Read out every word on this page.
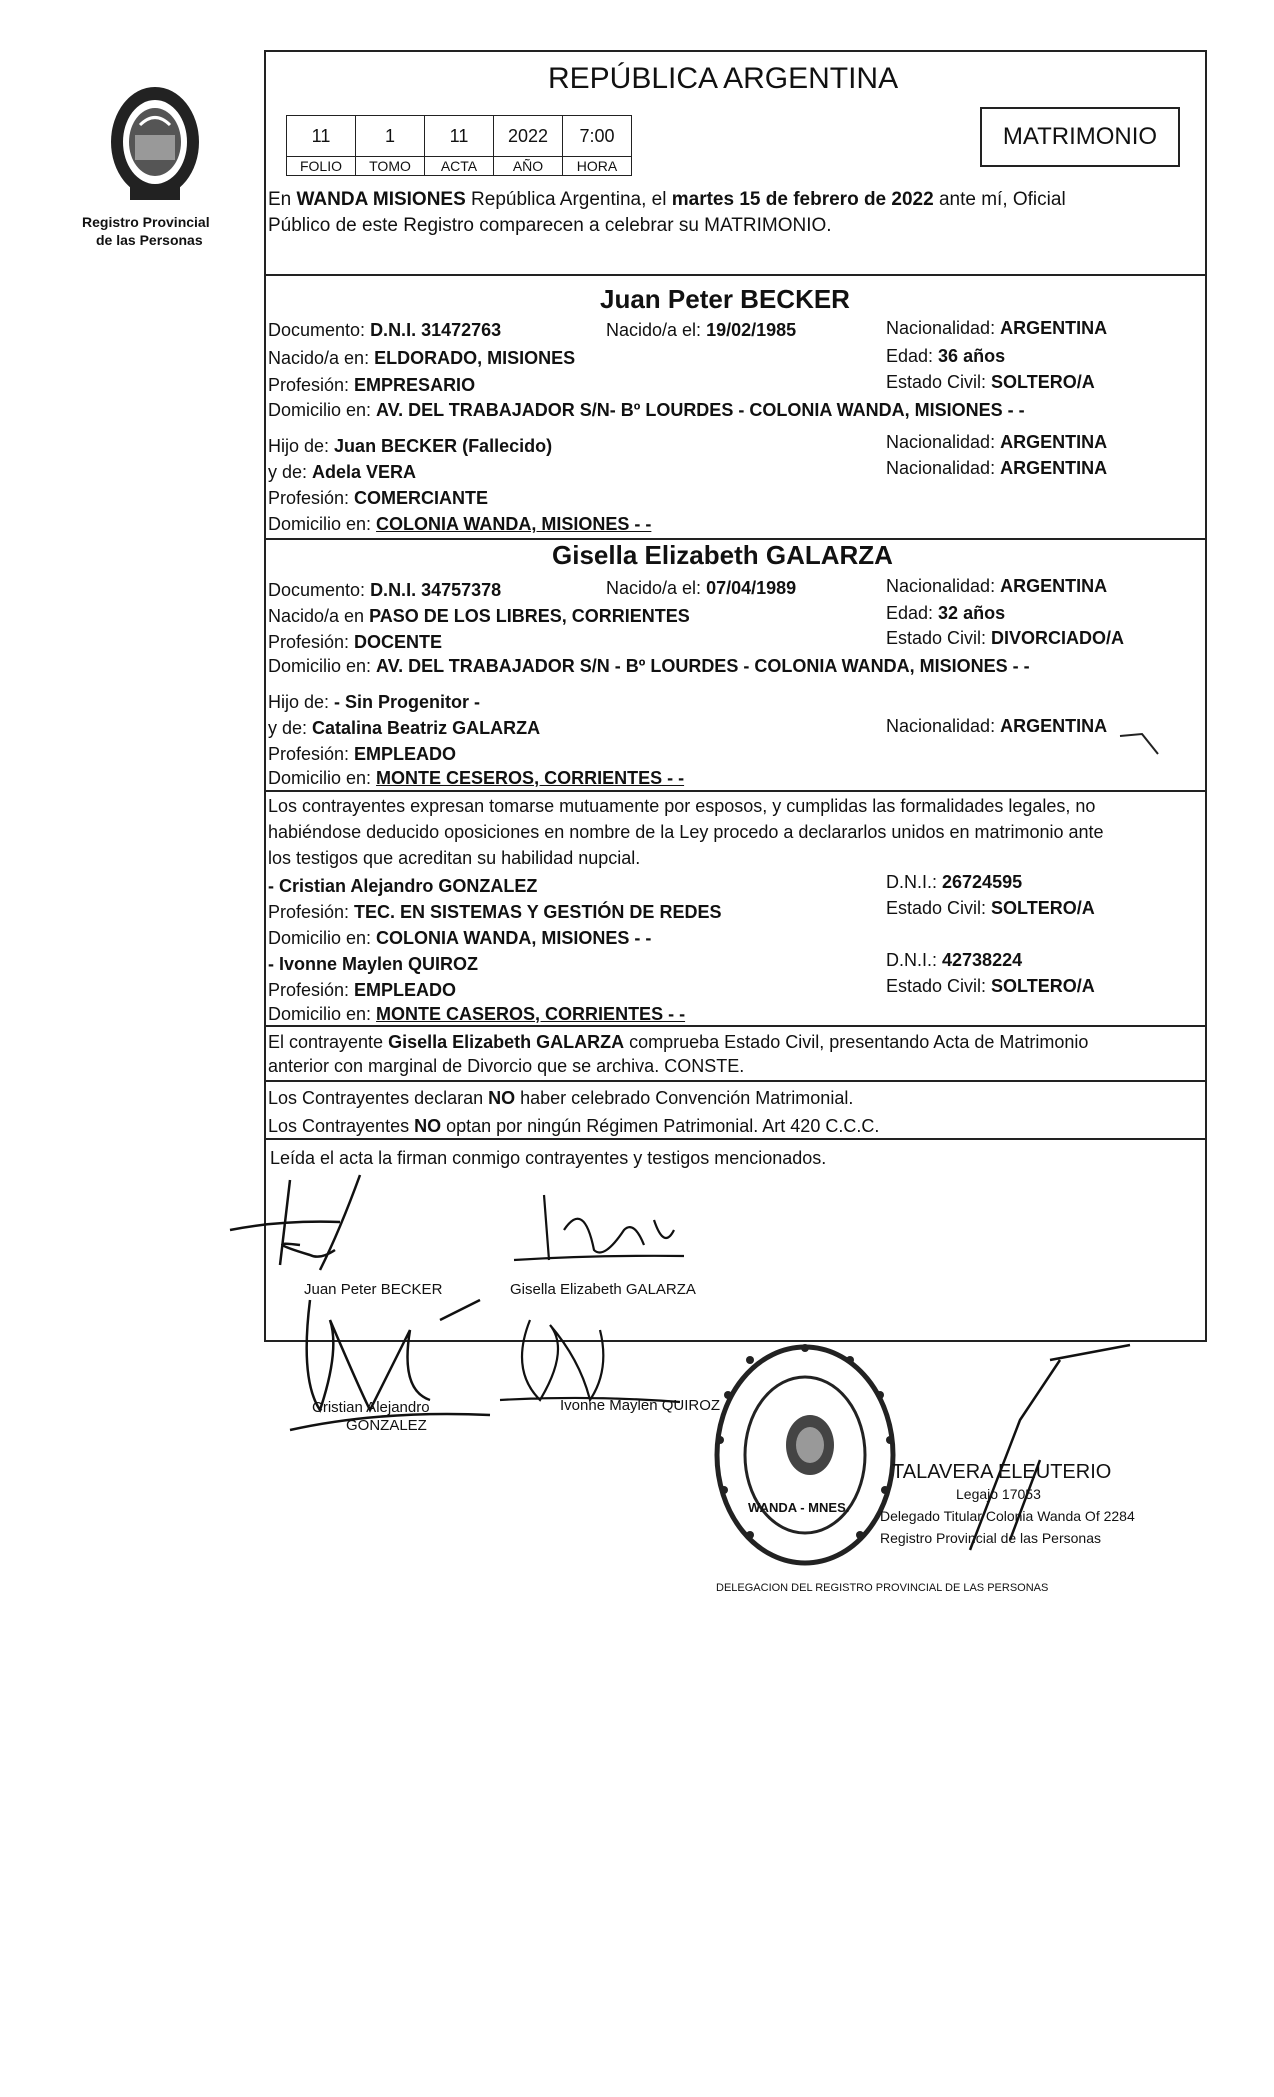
Registro Provincial
de las Personas
REPÚBLICA ARGENTINA
11	1	11	2022	7:00
FOLIO	TOMO	ACTA	AÑO	HORA
MATRIMONIO
En WANDA MISIONES República Argentina, el martes 15 de febrero de 2022 ante mí, Oficial
Público de este Registro comparecen a celebrar su MATRIMONIO.
Juan Peter BECKER
Documento: D.N.I. 31472763	Nacido/a el: 19/02/1985	Nacionalidad: ARGENTINA
Nacido/a en: ELDORADO, MISIONES	Edad: 36 años
Profesión: EMPRESARIO	Estado Civil: SOLTERO/A
Domicilio en: AV. DEL TRABAJADOR S/N- Bº LOURDES - COLONIA WANDA, MISIONES - -
Hijo de: Juan BECKER (Fallecido)	Nacionalidad: ARGENTINA
y de: Adela VERA	Nacionalidad: ARGENTINA
Profesión: COMERCIANTE
Domicilio en: COLONIA WANDA, MISIONES - -
Gisella Elizabeth GALARZA
Documento: D.N.I. 34757378	Nacido/a el: 07/04/1989	Nacionalidad: ARGENTINA
Nacido/a en PASO DE LOS LIBRES, CORRIENTES	Edad: 32 años
Profesión: DOCENTE	Estado Civil: DIVORCIADO/A
Domicilio en: AV. DEL TRABAJADOR S/N - Bº LOURDES - COLONIA WANDA, MISIONES - -
Hijo de: - Sin Progenitor -
y de: Catalina Beatriz GALARZA	Nacionalidad: ARGENTINA
Profesión: EMPLEADO
Domicilio en: MONTE CESEROS, CORRIENTES - -
Los contrayentes expresan tomarse mutuamente por esposos, y cumplidas las formalidades legales, no
habiéndose deducido oposiciones en nombre de la Ley procedo a declararlos unidos en matrimonio ante
los testigos que acreditan su habilidad nupcial.
- Cristian Alejandro GONZALEZ	D.N.I.: 26724595
Profesión: TEC. EN SISTEMAS Y GESTIÓN DE REDES	Estado Civil: SOLTERO/A
Domicilio en: COLONIA WANDA, MISIONES - -
- Ivonne Maylen QUIROZ	D.N.I.: 42738224
Profesión: EMPLEADO	Estado Civil: SOLTERO/A
Domicilio en: MONTE CASEROS, CORRIENTES - -
El contrayente Gisella Elizabeth GALARZA comprueba Estado Civil, presentando Acta de Matrimonio
anterior con marginal de Divorcio que se archiva. CONSTE.
Los Contrayentes declaran NO haber celebrado Convención Matrimonial.
Los Contrayentes NO optan por ningún Régimen Patrimonial. Art 420 C.C.C.
Leída el acta la firman conmigo contrayentes y testigos mencionados.
Juan Peter BECKER	Gisella Elizabeth GALARZA
Cristian Alejandro
GONZALEZ
Ivonne Maylen QUIROZ
DELEGACION DEL REGISTRO PROVINCIAL DE LAS PERSONAS
WANDA - MNES.
TALAVERA ELEUTERIO
Legajo 17053
Delegado Titular Colonia Wanda Of 2284
Registro Provincial de las Personas
